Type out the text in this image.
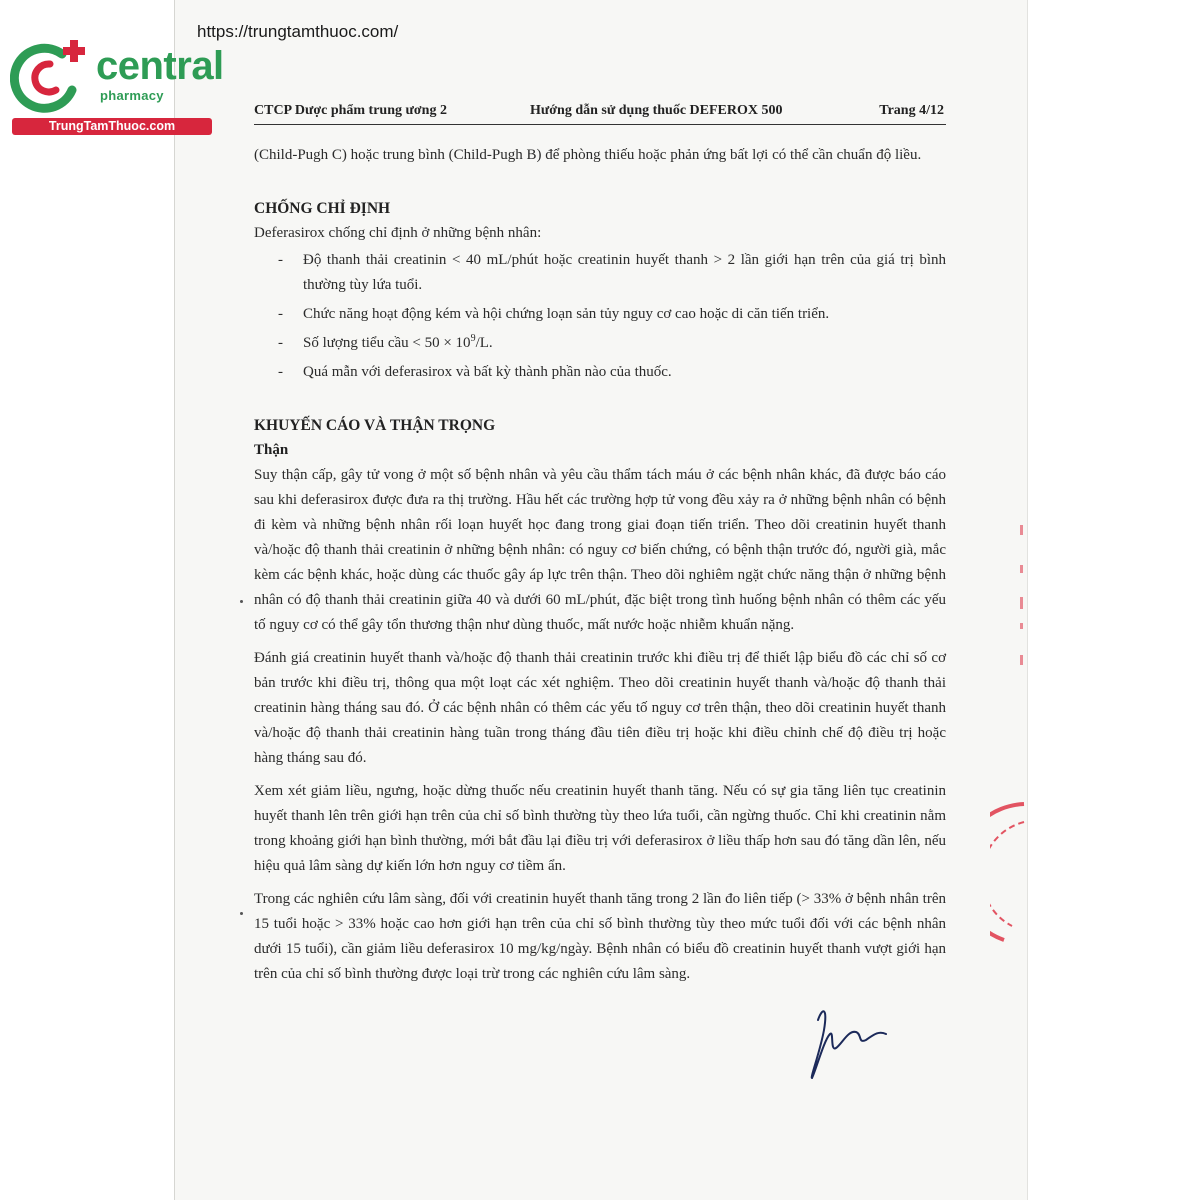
https://trungtamthuoc.com/
central
pharmacy
TrungTamThuoc.com
CTCP Dược phẩm trung ương 2	Hướng dẫn sử dụng thuốc DEFEROX 500	Trang 4/12

(Child-Pugh C) hoặc trung bình (Child-Pugh B) để phòng thiếu hoặc phản ứng bất lợi có thể cần chuẩn độ liều.

CHỐNG CHỈ ĐỊNH

Deferasirox chống chỉ định ở những bệnh nhân:

- Độ thanh thải creatinin < 40 mL/phút hoặc creatinin huyết thanh > 2 lần giới hạn trên của giá trị bình thường tùy lứa tuổi.
- Chức năng hoạt động kém và hội chứng loạn sản tủy nguy cơ cao hoặc di căn tiến triển.
- Số lượng tiểu cầu < $50 \times 10^9/L$.
- Quá mẫn với deferasirox và bất kỳ thành phần nào của thuốc.
KHUYẾN CÁO VÀ THẬN TRỌNG
Thận

Suy thận cấp, gây tử vong ở một số bệnh nhân và yêu cầu thẩm tách máu ở các bệnh nhân khác, đã được báo cáo sau khi deferasirox được đưa ra thị trường. Hầu hết các trường hợp tử vong đều xảy ra ở những bệnh nhân có bệnh đi kèm và những bệnh nhân rối loạn huyết học đang trong giai đoạn tiến triển. Theo dõi creatinin huyết thanh và/hoặc độ thanh thải creatinin ở những bệnh nhân: có nguy cơ biến chứng, có bệnh thận trước đó, người già, mắc kèm các bệnh khác, hoặc dùng các thuốc gây áp lực trên thận. Theo dõi nghiêm ngặt chức năng thận ở những bệnh nhân có độ thanh thải creatinin giữa 40 và dưới 60 mL/phút, đặc biệt trong tình huống bệnh nhân có thêm các yếu tố nguy cơ có thể gây tổn thương thận như dùng thuốc, mất nước hoặc nhiễm khuẩn nặng.

Đánh giá creatinin huyết thanh và/hoặc độ thanh thải creatinin trước khi điều trị để thiết lập biểu đồ các chỉ số cơ bản trước khi điều trị, thông qua một loạt các xét nghiệm. Theo dõi creatinin huyết thanh và/hoặc độ thanh thải creatinin hàng tháng sau đó. Ở các bệnh nhân có thêm các yếu tố nguy cơ trên thận, theo dõi creatinin huyết thanh và/hoặc độ thanh thải creatinin hàng tuần trong tháng đầu tiên điều trị hoặc khi điều chỉnh chế độ điều trị hoặc hàng tháng sau đó.

Xem xét giảm liều, ngưng, hoặc dừng thuốc nếu creatinin huyết thanh tăng. Nếu có sự gia tăng liên tục creatinin huyết thanh lên trên giới hạn trên của chỉ số bình thường tùy theo lứa tuổi, cần ngừng thuốc. Chỉ khi creatinin nằm trong khoảng giới hạn bình thường, mới bắt đầu lại điều trị với deferasirox ở liều thấp hơn sau đó tăng dần lên, nếu hiệu quả lâm sàng dự kiến lớn hơn nguy cơ tiềm ẩn.

Trong các nghiên cứu lâm sàng, đối với creatinin huyết thanh tăng trong 2 lần đo liên tiếp (> 33% ở bệnh nhân trên 15 tuổi hoặc > 33% hoặc cao hơn giới hạn trên của chỉ số bình thường tùy theo mức tuổi đối với các bệnh nhân dưới 15 tuổi), cần giảm liều deferasirox 10 mg/kg/ngày. Bệnh nhân có biểu đồ creatinin huyết thanh vượt giới hạn trên của chỉ số bình thường được loại trừ trong các nghiên cứu lâm sàng.
